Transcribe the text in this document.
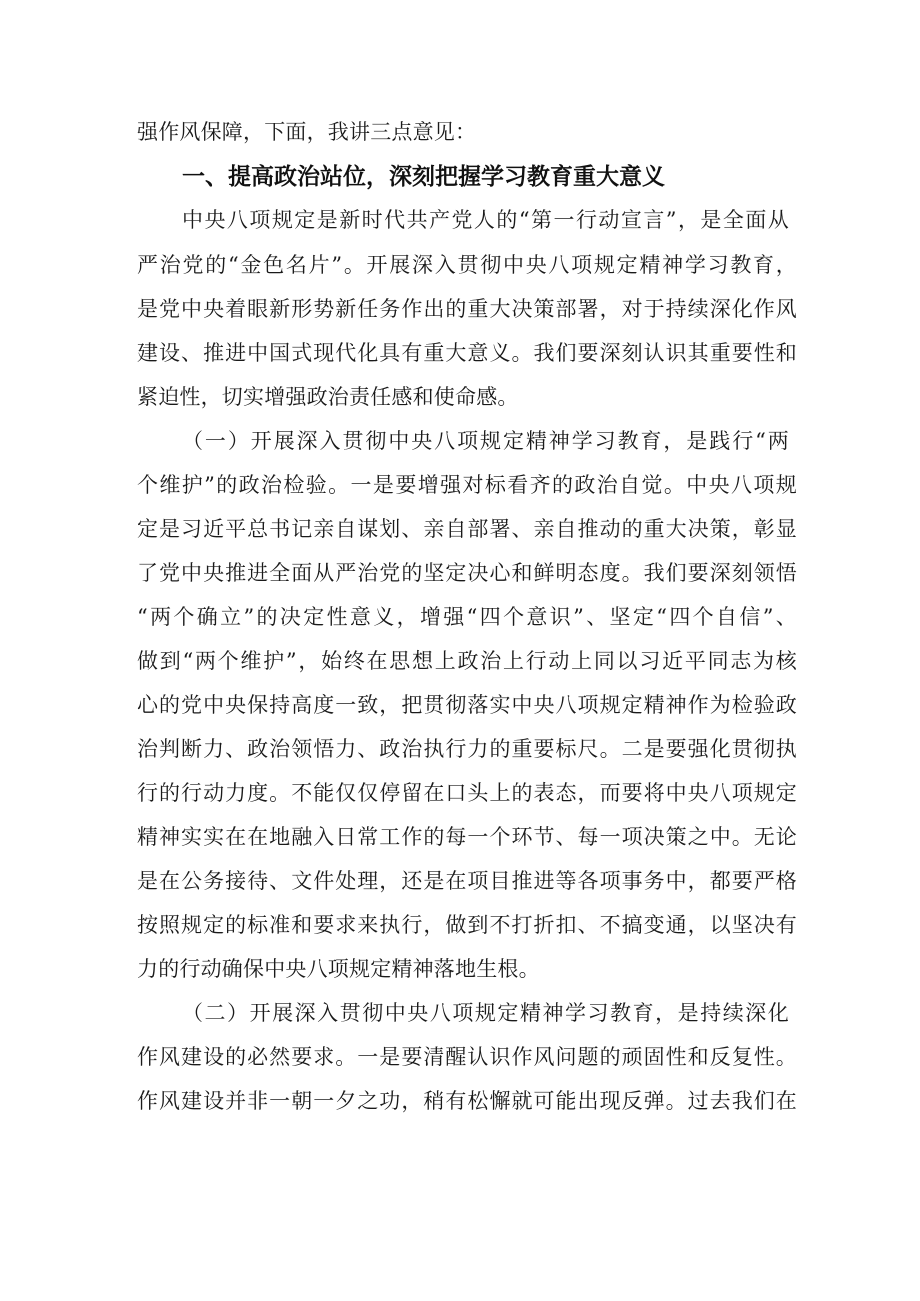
强作风保障，下面，我讲三点意见：
一、提高政治站位，深刻把握学习教育重大意义
中央八项规定是新时代共产党人的“第一行动宣言”，是全面从
严治党的“金色名片”。开展深入贯彻中央八项规定精神学习教育，
是党中央着眼新形势新任务作出的重大决策部署，对于持续深化作风
建设、推进中国式现代化具有重大意义。我们要深刻认识其重要性和
紧迫性，切实增强政治责任感和使命感。
（一）开展深入贯彻中央八项规定精神学习教育，是践行“两
个维护”的政治检验。一是要增强对标看齐的政治自觉。中央八项规
定是习近平总书记亲自谋划、亲自部署、亲自推动的重大决策，彰显
了党中央推进全面从严治党的坚定决心和鲜明态度。我们要深刻领悟
“两个确立”的决定性意义，增强“四个意识”、坚定“四个自信”、
做到“两个维护”，始终在思想上政治上行动上同以习近平同志为核
心的党中央保持高度一致，把贯彻落实中央八项规定精神作为检验政
治判断力、政治领悟力、政治执行力的重要标尺。二是要强化贯彻执
行的行动力度。不能仅仅停留在口头上的表态，而要将中央八项规定
精神实实在在地融入日常工作的每一个环节、每一项决策之中。无论
是在公务接待、文件处理，还是在项目推进等各项事务中，都要严格
按照规定的标准和要求来执行，做到不打折扣、不搞变通，以坚决有
力的行动确保中央八项规定精神落地生根。
（二）开展深入贯彻中央八项规定精神学习教育，是持续深化
作风建设的必然要求。一是要清醒认识作风问题的顽固性和反复性。
作风建设并非一朝一夕之功，稍有松懈就可能出现反弹。过去我们在
